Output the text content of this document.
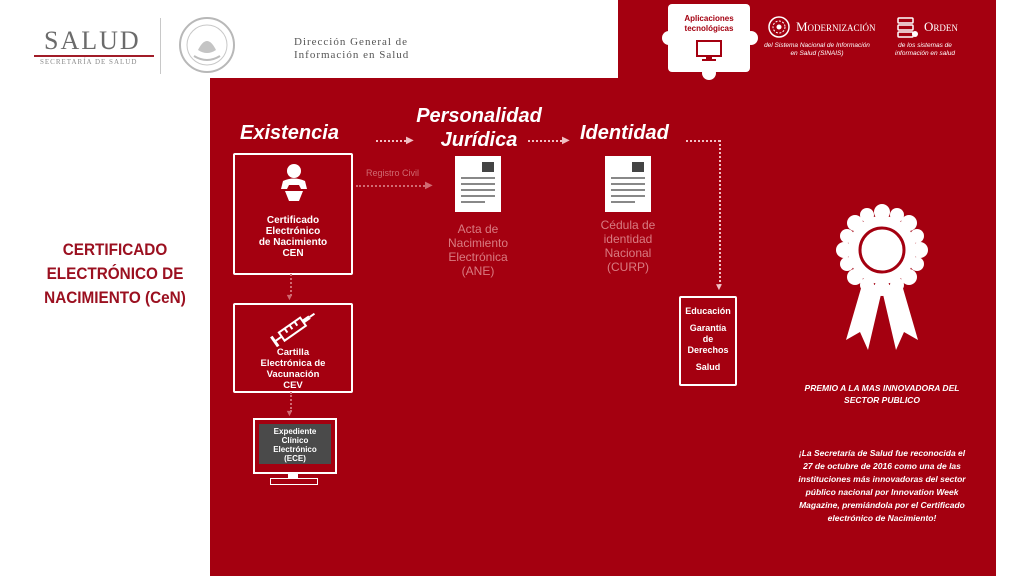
SALUD
SECRETARÍA DE SALUD
Dirección General de
Información en Salud
Aplicaciones
tecnológicas	Modernización
del Sistema Nacional de Información
en Salud (SINAIS)
Orden
de los sistemas de
información en salud
CERTIFICADO
ELECTRÓNICO DE
NACIMIENTO (CeN)
Existencia
Personalidad
Jurídica	Identidad
▶	▶
▼
Certificado
Electrónico
de Nacimiento
CEN
Registro Civil
▶
Acta de
Nacimiento
Electrónica
(ANE)
Cédula de
identidad
Nacional
(CURP)
▼
Cartilla
Electrónica de
Vacunación
CEV
▼
Expediente
Clínico
Electrónico
(ECE)
Educación
Garantía
de
Derechos
Salud
PREMIO A LA MAS INNOVADORA DEL
SECTOR PUBLICO
¡La Secretaría de Salud fue reconocida el
27 de octubre de 2016 como una de las
instituciones más innovadoras del sector
público nacional por Innovation Week
Magazine, premiándola por el Certificado
electrónico de Nacimiento!
